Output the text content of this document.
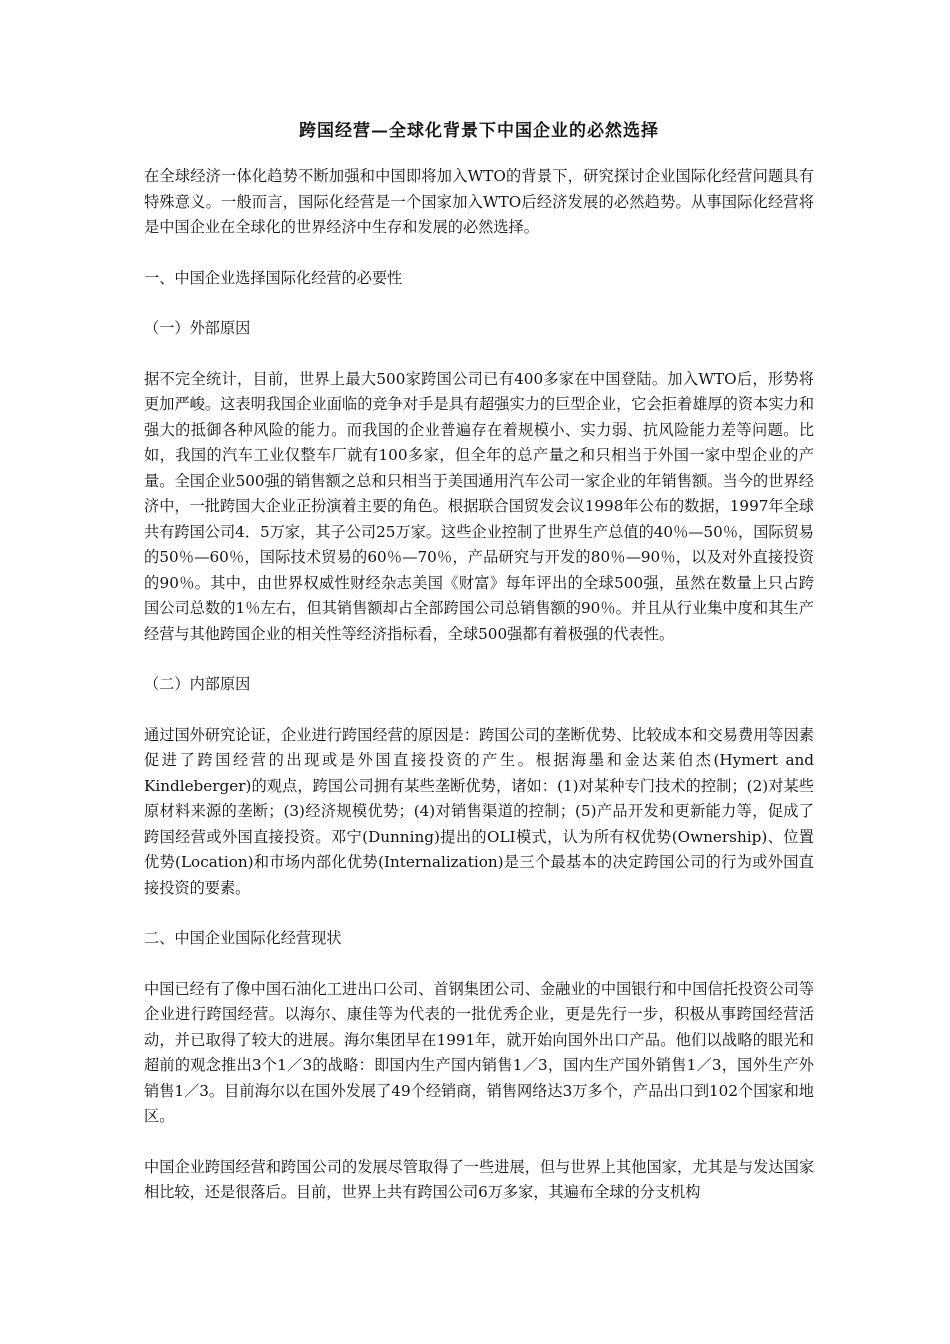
跨国经营—全球化背景下中国企业的必然选择
在全球经济一体化趋势不断加强和中国即将加入WTO的背景下，研究探讨企业国际化经营问题具有特殊意义。一般而言，国际化经营是一个国家加入WTO后经济发展的必然趋势。从事国际化经营将是中国企业在全球化的世界经济中生存和发展的必然选择。
一、中国企业选择国际化经营的必要性
（一）外部原因
据不完全统计，目前，世界上最大500家跨国公司已有400多家在中国登陆。加入WTO后，形势将更加严峻。这表明我国企业面临的竞争对手是具有超强实力的巨型企业，它会拒着雄厚的资本实力和强大的抵御各种风险的能力。而我国的企业普遍存在着规模小、实力弱、抗风险能力差等问题。比如，我国的汽车工业仅整车厂就有100多家，但全年的总产量之和只相当于外国一家中型企业的产量。全国企业500强的销售额之总和只相当于美国通用汽车公司一家企业的年销售额。当今的世界经济中，一批跨国大企业正扮演着主要的角色。根据联合国贸发会议1998年公布的数据，1997年全球共有跨国公司4．5万家，其子公司25万家。这些企业控制了世界生产总值的40％—50％，国际贸易的50％—60％，国际技术贸易的60％—70％，产品研究与开发的80％—90％，以及对外直接投资的90％。其中，由世界权威性财经杂志美国《财富》每年评出的全球500强，虽然在数量上只占跨国公司总数的1％左右，但其销售额却占全部跨国公司总销售额的90％。并且从行业集中度和其生产经营与其他跨国企业的相关性等经济指标看，全球500强都有着极强的代表性。
（二）内部原因
通过国外研究论证，企业进行跨国经营的原因是：跨国公司的垄断优势、比较成本和交易费用等因素促进了跨国经营的出现或是外国直接投资的产生。根据海墨和金达莱伯杰(Hymert and Kindleberger)的观点，跨国公司拥有某些垄断优势，诸如：(1)对某种专门技术的控制；(2)对某些原材料来源的垄断；(3)经济规模优势；(4)对销售渠道的控制；(5)产品开发和更新能力等，促成了跨国经营或外国直接投资。邓宁(Dunning)提出的OLI模式，认为所有权优势(Ownership)、位置优势(Location)和市场内部化优势(Internalization)是三个最基本的决定跨国公司的行为或外国直接投资的要素。
二、中国企业国际化经营现状
中国已经有了像中国石油化工进出口公司、首钢集团公司、金融业的中国银行和中国信托投资公司等企业进行跨国经营。以海尔、康佳等为代表的一批优秀企业，更是先行一步，积极从事跨国经营活动，并已取得了较大的进展。海尔集团早在1991年，就开始向国外出口产品。他们以战略的眼光和超前的观念推出3个1／3的战略：即国内生产国内销售1／3，国内生产国外销售1／3，国外生产外销售1／3。目前海尔以在国外发展了49个经销商，销售网络达3万多个，产品出口到102个国家和地区。
中国企业跨国经营和跨国公司的发展尽管取得了一些进展，但与世界上其他国家，尤其是与发达国家相比较，还是很落后。目前，世界上共有跨国公司6万多家，其遍布全球的分支机构
